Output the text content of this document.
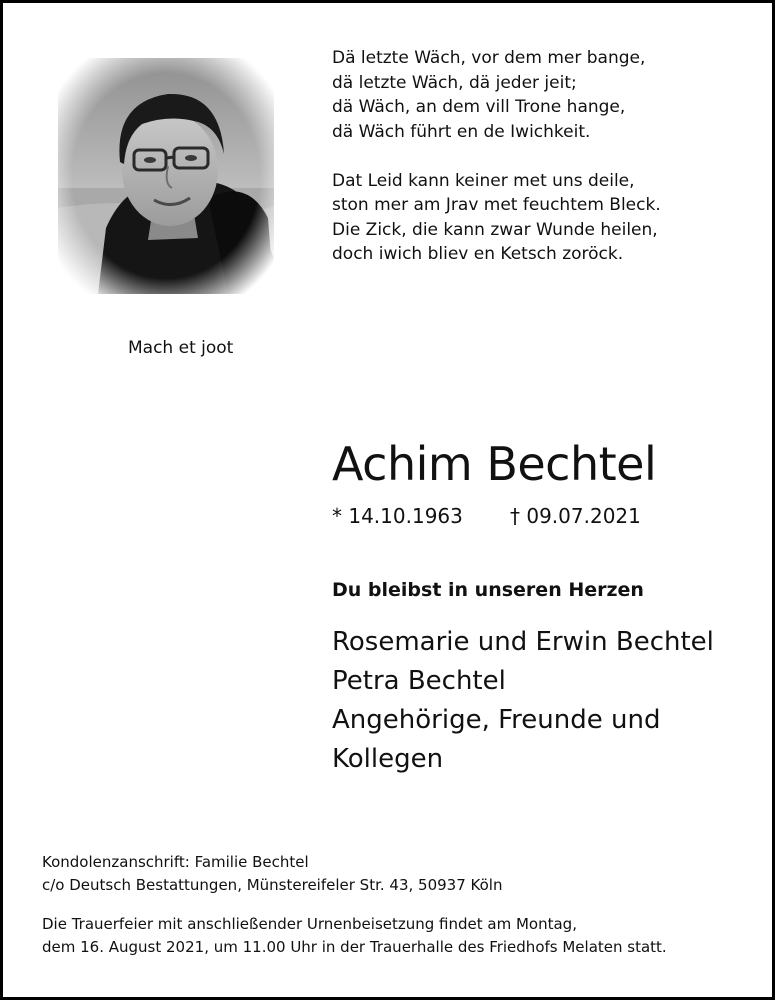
Mach et joot
Dä letzte Wäch, vor dem mer bange,
dä letzte Wäch, dä jeder jeit;
dä Wäch, an dem vill Trone hange,
dä Wäch führt en de Iwichkeit.
Dat Leid kann keiner met uns deile,
ston mer am Jrav met feuchtem Bleck.
Die Zick, die kann zwar Wunde heilen,
doch iwich bliev en Ketsch zoröck.
Achim Bechtel
* 14.10.1963 † 09.07.2021
Du bleibst in unseren Herzen
Rosemarie und Erwin Bechtel
Petra Bechtel
Angehörige, Freunde und
Kollegen
Kondolenzanschrift: Familie Bechtel
c/o Deutsch Bestattungen, Münstereifeler Str. 43, 50937 Köln
Die Trauerfeier mit anschließender Urnenbeisetzung findet am Montag,
dem 16. August 2021, um 11.00 Uhr in der Trauerhalle des Friedhofs Melaten statt.
